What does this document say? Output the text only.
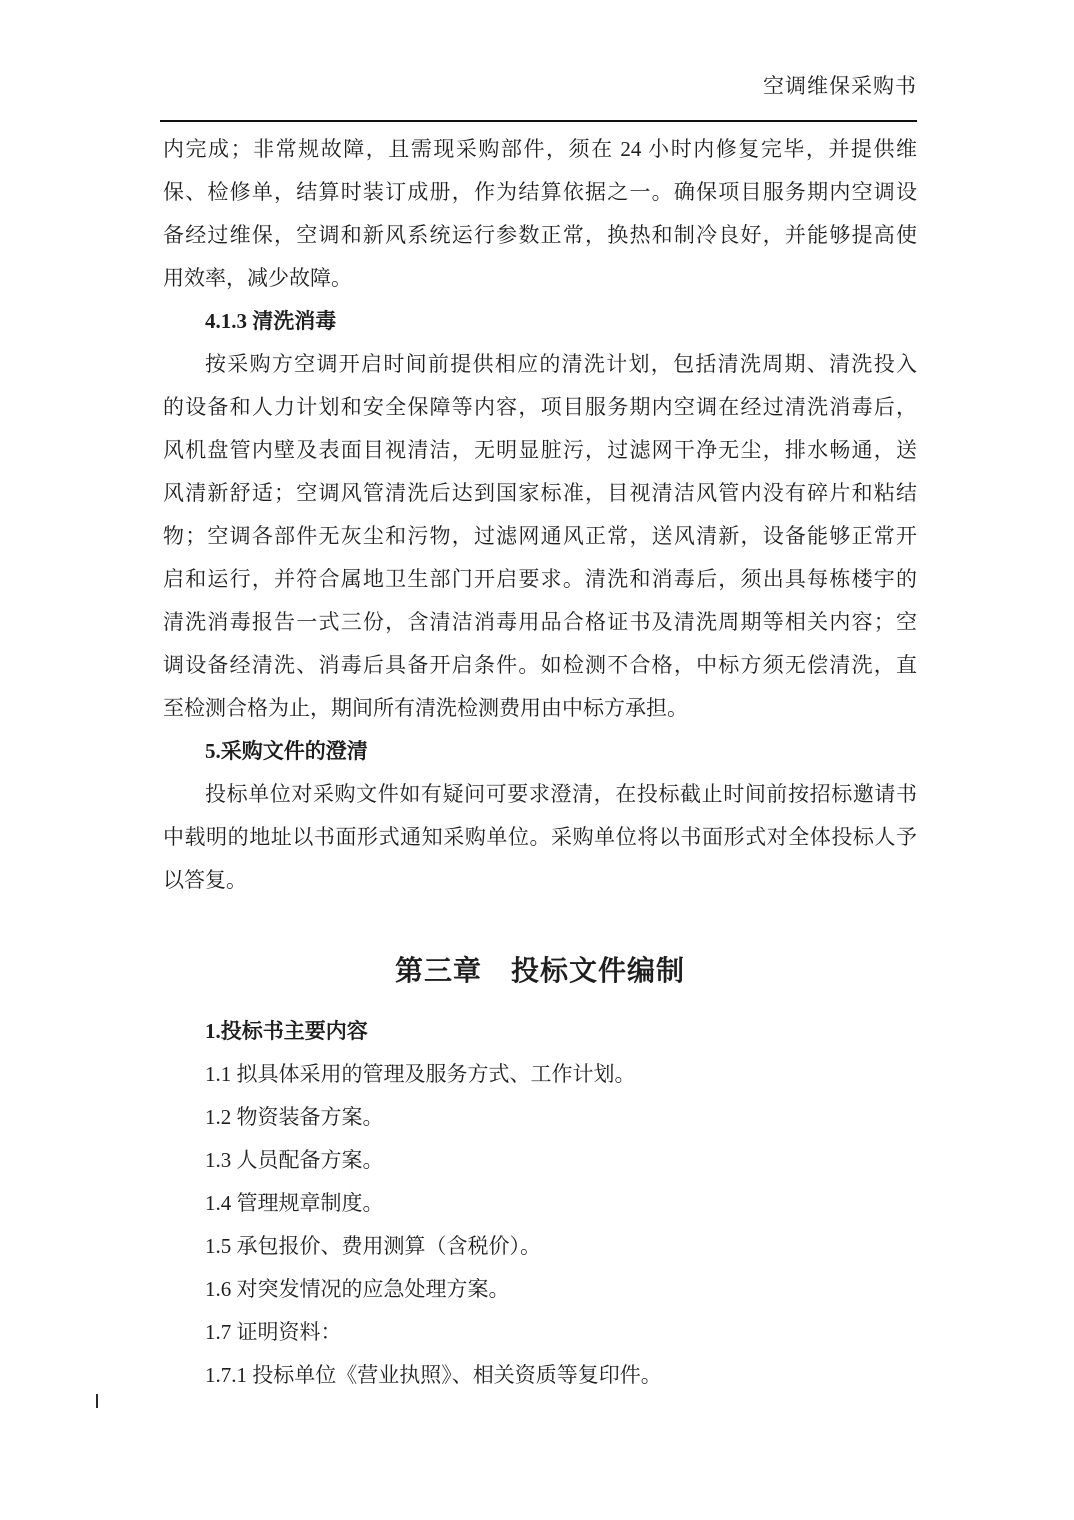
空调维保采购书
内完成；非常规故障，且需现采购部件，须在 24 小时内修复完毕，并提供维
保、检修单，结算时装订成册，作为结算依据之一。确保项目服务期内空调设
备经过维保，空调和新风系统运行参数正常，换热和制冷良好，并能够提高使
用效率，减少故障。
4.1.3 清洗消毒
按采购方空调开启时间前提供相应的清洗计划，包括清洗周期、清洗投入
的设备和人力计划和安全保障等内容，项目服务期内空调在经过清洗消毒后，
风机盘管内壁及表面目视清洁，无明显脏污，过滤网干净无尘，排水畅通，送
风清新舒适；空调风管清洗后达到国家标准，目视清洁风管内没有碎片和粘结
物；空调各部件无灰尘和污物，过滤网通风正常，送风清新，设备能够正常开
启和运行，并符合属地卫生部门开启要求。清洗和消毒后，须出具每栋楼宇的
清洗消毒报告一式三份，含清洁消毒用品合格证书及清洗周期等相关内容；空
调设备经清洗、消毒后具备开启条件。如检测不合格，中标方须无偿清洗，直
至检测合格为止，期间所有清洗检测费用由中标方承担。
5.采购文件的澄清
投标单位对采购文件如有疑问可要求澄清，在投标截止时间前按招标邀请书
中载明的地址以书面形式通知采购单位。采购单位将以书面形式对全体投标人予
以答复。
第三章　投标文件编制
1.投标书主要内容
1.1 拟具体采用的管理及服务方式、工作计划。
1.2 物资装备方案。
1.3 人员配备方案。
1.4 管理规章制度。
1.5 承包报价、费用测算（含税价）。
1.6 对突发情况的应急处理方案。
1.7 证明资料：
1.7.1 投标单位《营业执照》、相关资质等复印件。
